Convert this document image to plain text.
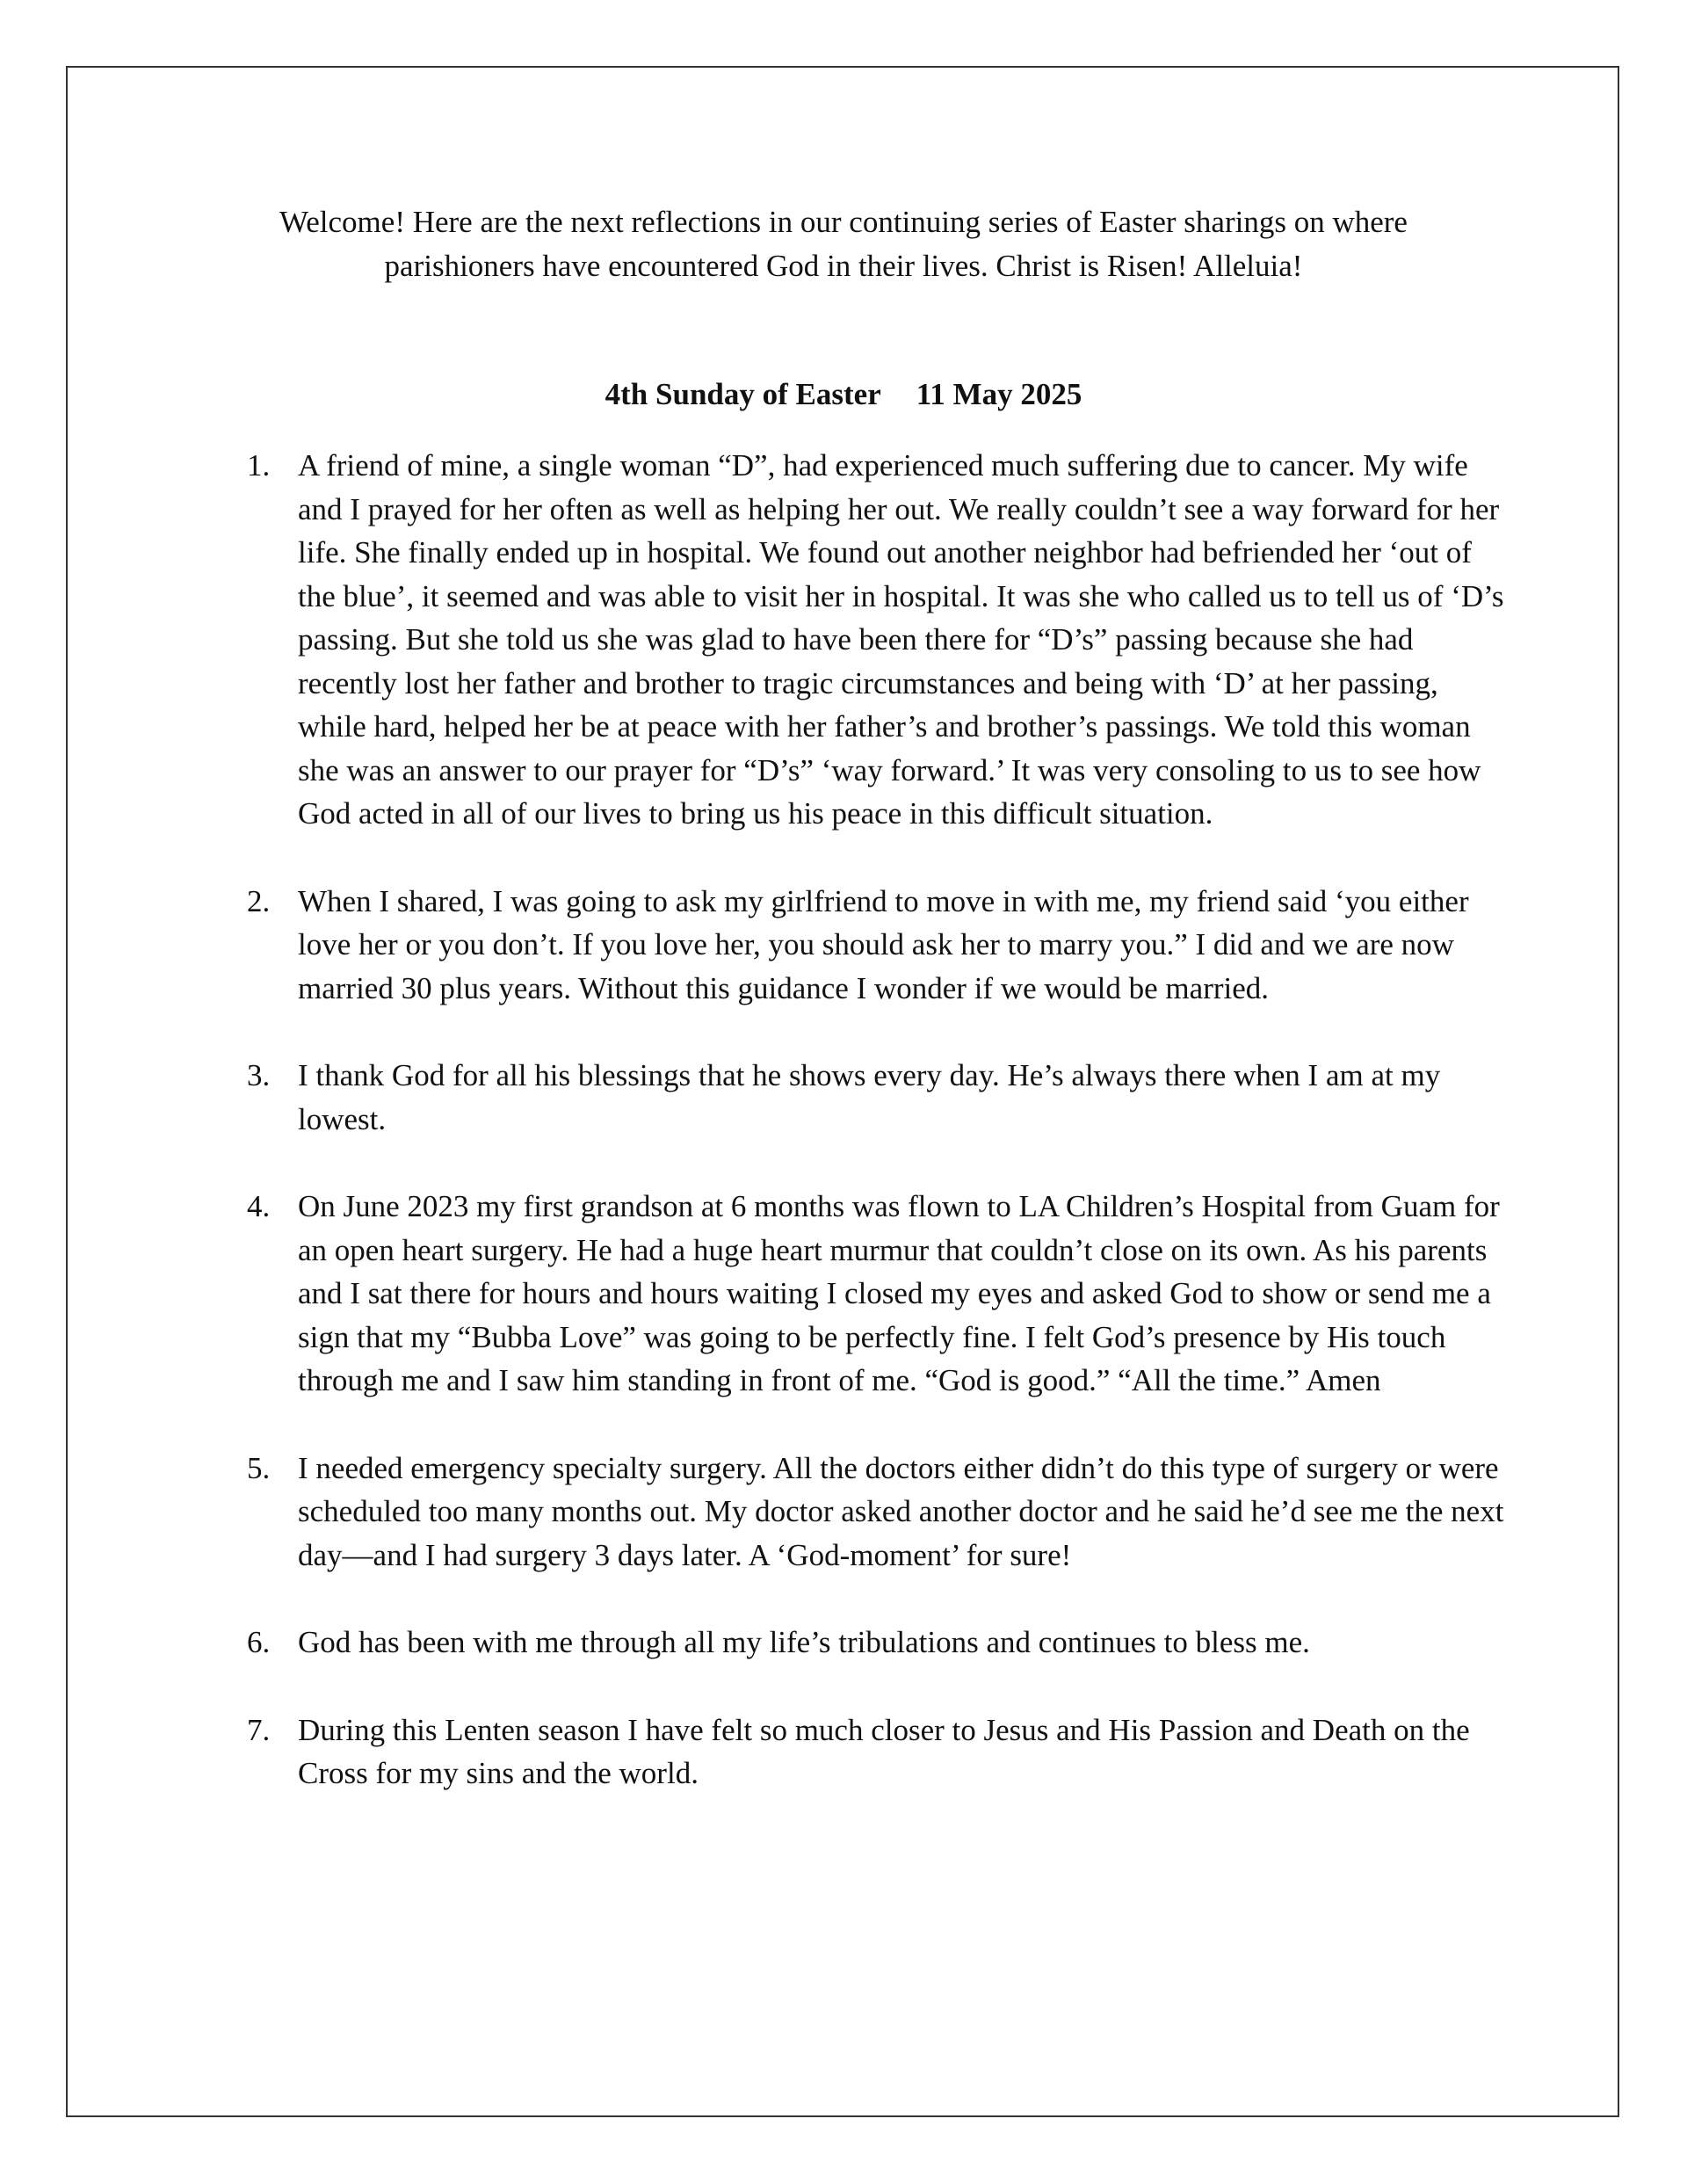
Welcome! Here are the next reflections in our continuing series of Easter sharings on where

parishioners have encountered God in their lives. Christ is Risen! Alleluia!

4th Sunday of Easter 11 May 2025
1. A friend of mine, a single woman “D”, had experienced much suffering due to cancer. My wife and I prayed for her often as well as helping her out. We really couldn’t see a way forward for her life. She finally ended up in hospital. We found out another neighbor had befriended her ‘out of the blue’, it seemed and was able to visit her in hospital. It was she who called us to tell us of ‘D’s passing. But she told us she was glad to have been there for “D’s” passing because she had recently lost her father and brother to tragic circumstances and being with ‘D’ at her passing, while hard, helped her be at peace with her father’s and brother’s passings. We told this woman she was an answer to our prayer for “D’s” ‘way forward.’ It was very consoling to us to see how God acted in all of our lives to bring us his peace in this difficult situation.
2. When I shared, I was going to ask my girlfriend to move in with me, my friend said ‘you either love her or you don’t. If you love her, you should ask her to marry you.” I did and we are now married 30 plus years. Without this guidance I wonder if we would be married.
3. I thank God for all his blessings that he shows every day. He’s always there when I am at my lowest.
4. On June 2023 my first grandson at 6 months was flown to LA Children’s Hospital from Guam for an open heart surgery. He had a huge heart murmur that couldn’t close on its own. As his parents and I sat there for hours and hours waiting I closed my eyes and asked God to show or send me a sign that my “Bubba Love” was going to be perfectly fine. I felt God’s presence by His touch through me and I saw him standing in front of me. “God is good.” “All the time.” Amen
5. I needed emergency specialty surgery. All the doctors either didn’t do this type of surgery or were scheduled too many months out. My doctor asked another doctor and he said he’d see me the next day—and I had surgery 3 days later. A ‘God-moment’ for sure!
6. God has been with me through all my life’s tribulations and continues to bless me.
7. During this Lenten season I have felt so much closer to Jesus and His Passion and Death on the Cross for my sins and the world.
